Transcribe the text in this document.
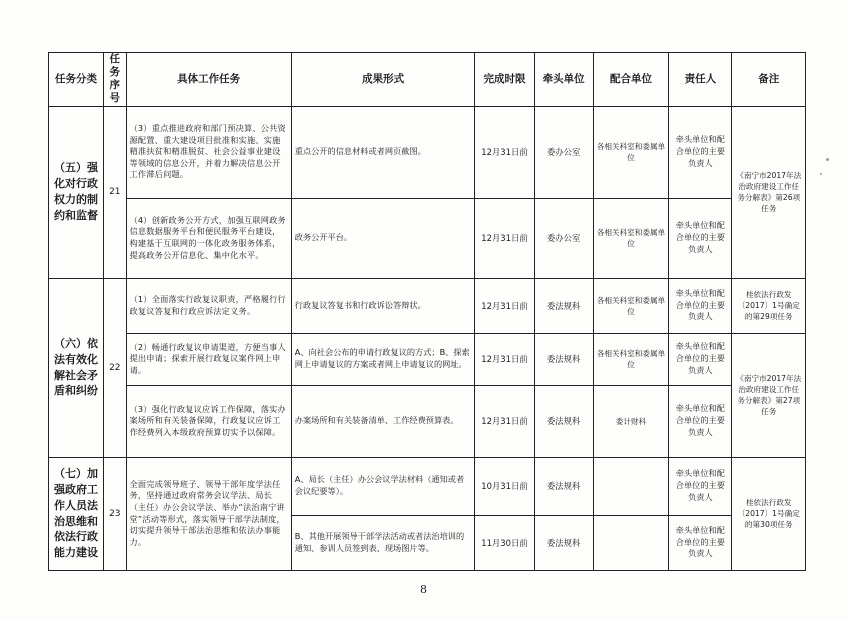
任务分类	任务序号	具体工作任务	成果形式	完成时限	牵头单位	配合单位	责任人	备注
（五）强化对行政权力的制约和监督	21	（3）重点推进政府和部门预决算、公共资源配置、重大建设项目批准和实施、实施精准扶贫和精准脱贫、社会公益事业建设等领域的信息公开，并着力解决信息公开工作滞后问题。	重点公开的信息材料或者网页截图。	12月31日前	委办公室	各相关科室和委属单位	牵头单位和配合单位的主要负责人	《南宁市2017年法治政府建设工作任务分解表》第26项任务
		（4）创新政务公开方式，加强互联网政务信息数据服务平台和便民服务平台建设，构建基于互联网的一体化政务服务体系，提高政务公开信息化、集中化水平。	政务公开平台。	12月31日前	委办公室	各相关科室和委属单位	牵头单位和配合单位的主要负责人	
（六）依法有效化解社会矛盾和纠纷	22	（1）全面落实行政复议职责，严格履行行政复议答复和行政应诉法定义务。	行政复议答复书和行政诉讼答辩状。	12月31日前	委法规科	各相关科室和委属单位	牵头单位和配合单位的主要负责人	桂依法行政发〔2017〕1号确定的第29项任务
		（2）畅通行政复议申请渠道，方便当事人提出申请；探索开展行政复议案件网上申请。	A、向社会公布的申请行政复议的方式；B、探索网上申请复议的方案或者网上申请复议的网址。	12月31日前	委法规科	各相关科室和委属单位	牵头单位和配合单位的主要负责人	《南宁市2017年法治政府建设工作任务分解表》第27项任务
		（3）强化行政复议应诉工作保障，落实办案场所和有关装备保障，行政复议应诉工作经费列入本级政府预算切实予以保障。	办案场所和有关装备清单、工作经费预算表。	12月31日前	委法规科	委计财科	牵头单位和配合单位的主要负责人	
（七）加强政府工作人员法治思维和依法行政能力建设	23	全面完成领导班子、领导干部年度学法任务，坚持通过政府常务会议学法、局长（主任）办公会议学法、举办“法治南宁讲堂”活动等形式，落实领导干部学法制度，切实提升领导干部法治思维和依法办事能力。	A、局长（主任）办公会议学法材料（通知或者会议纪要等）。	10月31日前	委法规科		牵头单位和配合单位的主要负责人	桂依法行政发〔2017〕1号确定的第30项任务
			B、其他开展领导干部学法活动或者法治培训的通知、参训人员签到表、现场图片等。	11月30日前	委法规科		牵头单位和配合单位的主要负责人	
8
